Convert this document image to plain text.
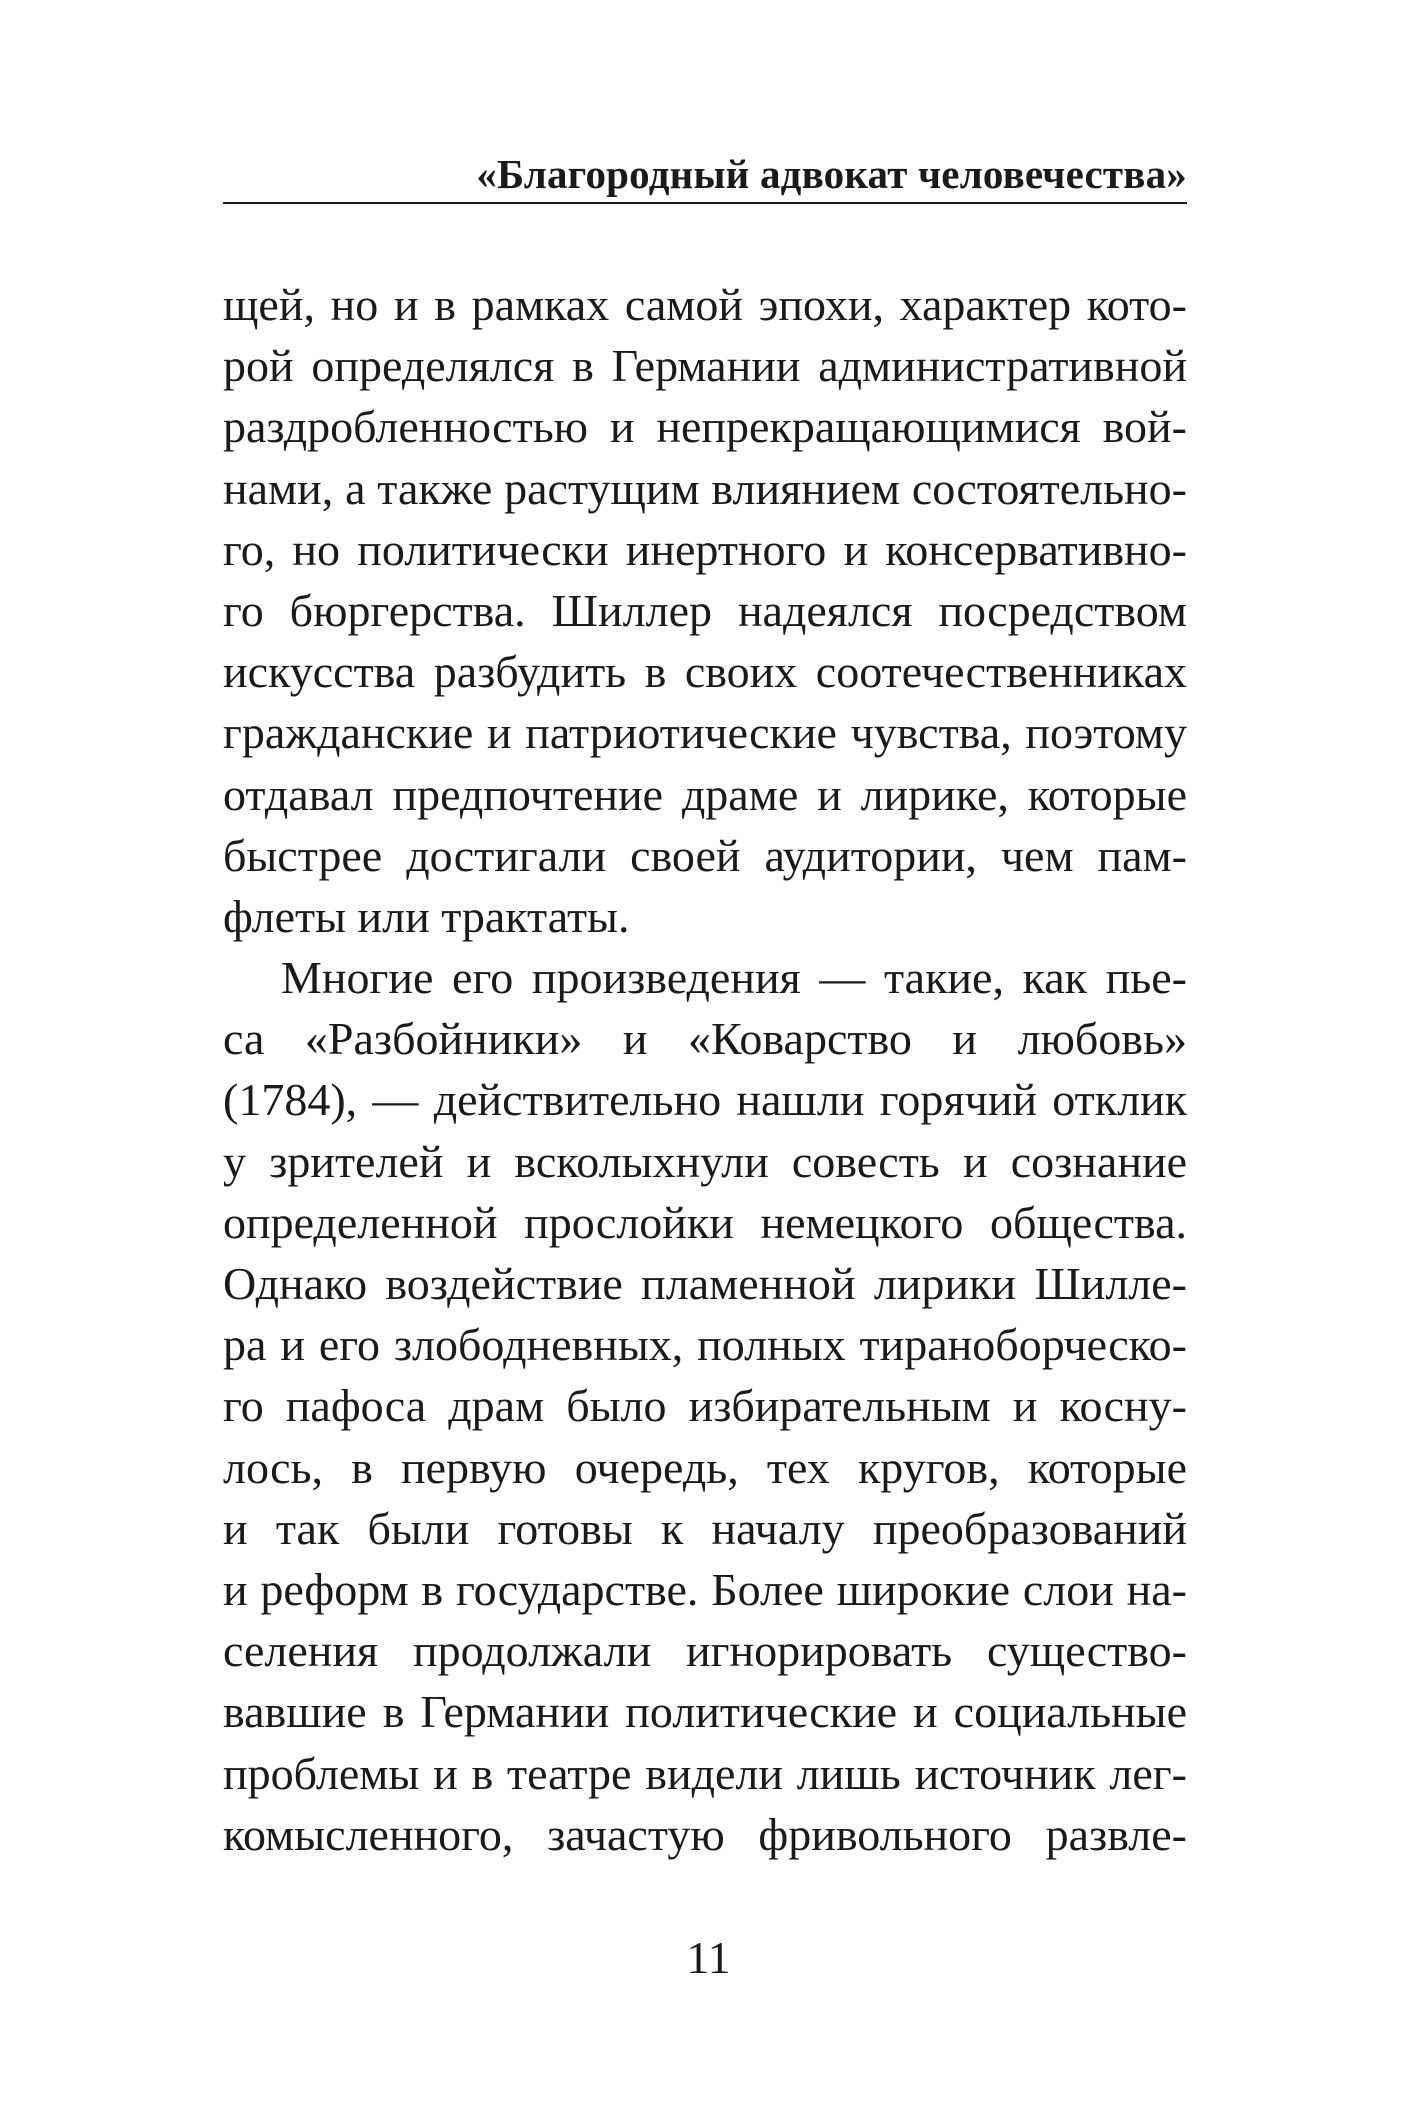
«Благородный адвокат человечества»
щей, но и в рамках самой эпохи, характер кото-
рой определялся в Германии административной
раздробленностью и непрекращающимися вой-
нами, а также растущим влиянием состоятельно-
го, но политически инертного и консервативно-
го бюргерства. Шиллер надеялся посредством
искусства разбудить в своих соотечественниках
гражданские и патриотические чувства, поэтому
отдавал предпочтение драме и лирике, которые
быстрее достигали своей аудитории, чем пам-
флеты или трактаты.
Многие его произведения — такие, как пье-
са «Разбойники» и «Коварство и любовь»
(1784), — действительно нашли горячий отклик
у зрителей и всколыхнули совесть и сознание
определенной прослойки немецкого общества.
Однако воздействие пламенной лирики Шилле-
ра и его злободневных, полных тираноборческо-
го пафоса драм было избирательным и косну-
лось, в первую очередь, тех кругов, которые
и так были готовы к началу преобразований
и реформ в государстве. Более широкие слои на-
селения продолжали игнорировать существо-
вавшие в Германии политические и социальные
проблемы и в театре видели лишь источник лег-
комысленного, зачастую фривольного развле-
11
